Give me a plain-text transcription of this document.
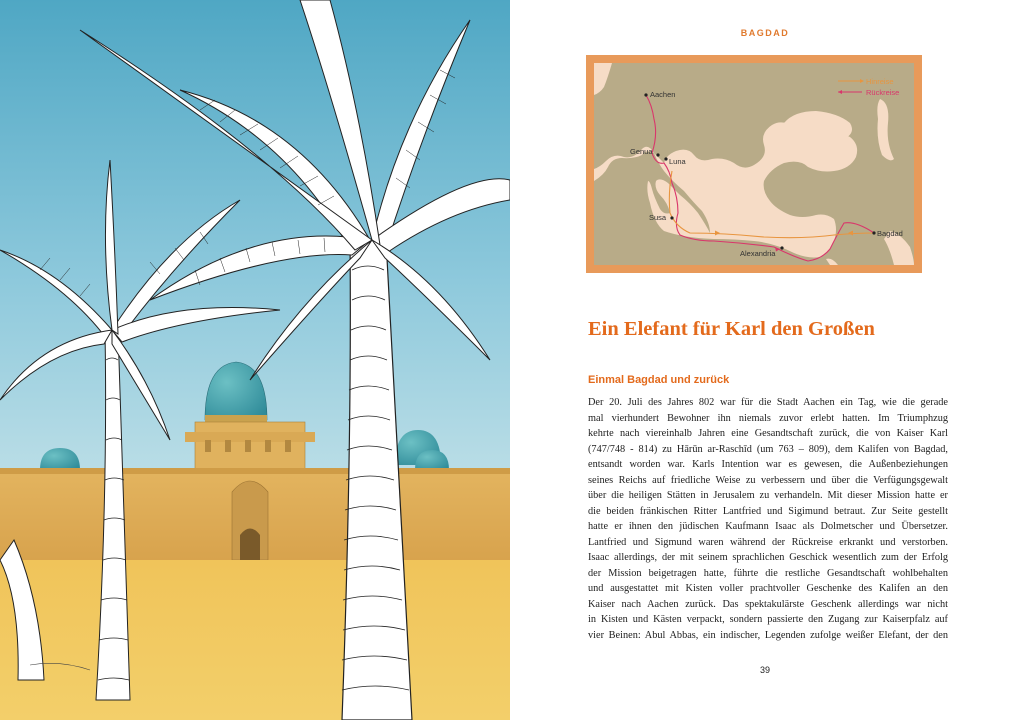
BAGDAD
Aachen
Genua
Luna
Susa
Alexandria
Bagdad
Hinreise
Rückreise
Ein Elefant für Karl den Großen
Einmal Bagdad und zurück
Der 20. Juli des Jahres 802 war für die Stadt Aachen ein Tag, wie die gerade
mal vierhundert Bewohner ihn niemals zuvor erlebt hatten. Im Triumphzug
kehrte nach viereinhalb Jahren eine Gesandtschaft zurück, die von Kaiser Karl
(747/748 - 814) zu Hārūn ar-Raschīd (um 763 – 809), dem Kalifen von Bagdad,
entsandt worden war. Karls Intention war es gewesen, die Außenbeziehungen
seines Reichs auf friedliche Weise zu verbessern und über die Verfügungsgewalt
über die heiligen Stätten in Jerusalem zu verhandeln. Mit dieser Mission hatte er
die beiden fränkischen Ritter Lantfried und Sigimund betraut. Zur Seite gestellt
hatte er ihnen den jüdischen Kaufmann Isaac als Dolmetscher und Übersetzer.
Lantfried und Sigmund waren während der Rückreise erkrankt und verstorben.
Isaac allerdings, der mit seinem sprachlichen Geschick wesentlich zum der Erfolg
der Mission beigetragen hatte, führte die restliche Gesandtschaft wohlbehalten
und ausgestattet mit Kisten voller prachtvoller Geschenke des Kalifen an den
Kaiser nach Aachen zurück. Das spektakulärste Geschenk allerdings war nicht
in Kisten und Kästen verpackt, sondern passierte den Zugang zur Kaiserpfalz auf
vier Beinen: Abul Abbas, ein indischer, Legenden zufolge weißer Elefant, der den
39
